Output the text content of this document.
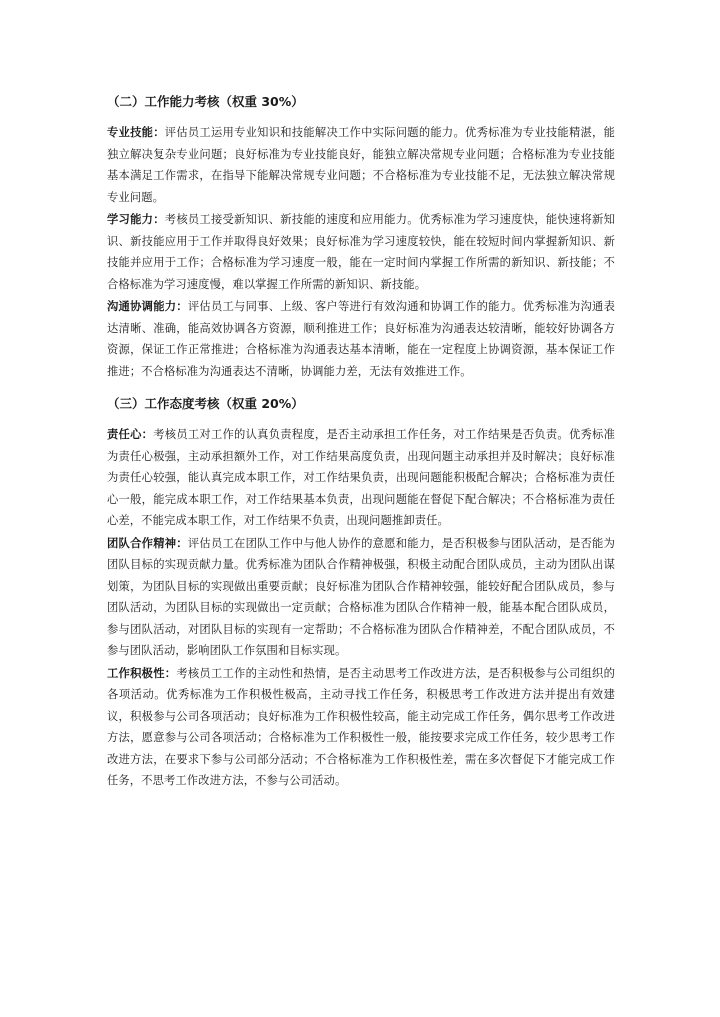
（二）工作能力考核（权重 30%）

专业技能：评估员工运用专业知识和技能解决工作中实际问题的能力。优秀标准为专业技能精湛，能独立解决复杂专业问题；良好标准为专业技能良好，能独立解决常规专业问题；合格标准为专业技能基本满足工作需求，在指导下能解决常规专业问题；不合格标准为专业技能不足，无法独立解决常规专业问题。

学习能力：考核员工接受新知识、新技能的速度和应用能力。优秀标准为学习速度快，能快速将新知识、新技能应用于工作并取得良好效果；良好标准为学习速度较快，能在较短时间内掌握新知识、新技能并应用于工作；合格标准为学习速度一般，能在一定时间内掌握工作所需的新知识、新技能；不合格标准为学习速度慢，难以掌握工作所需的新知识、新技能。

沟通协调能力：评估员工与同事、上级、客户等进行有效沟通和协调工作的能力。优秀标准为沟通表达清晰、准确，能高效协调各方资源，顺利推进工作；良好标准为沟通表达较清晰，能较好协调各方资源，保证工作正常推进；合格标准为沟通表达基本清晰，能在一定程度上协调资源，基本保证工作推进；不合格标准为沟通表达不清晰，协调能力差，无法有效推进工作。

（三）工作态度考核（权重 20%）

责任心：考核员工对工作的认真负责程度，是否主动承担工作任务，对工作结果是否负责。优秀标准为责任心极强，主动承担额外工作，对工作结果高度负责，出现问题主动承担并及时解决；良好标准为责任心较强，能认真完成本职工作，对工作结果负责，出现问题能积极配合解决；合格标准为责任心一般，能完成本职工作，对工作结果基本负责，出现问题能在督促下配合解决；不合格标准为责任心差，不能完成本职工作，对工作结果不负责，出现问题推卸责任。

团队合作精神：评估员工在团队工作中与他人协作的意愿和能力，是否积极参与团队活动，是否能为团队目标的实现贡献力量。优秀标准为团队合作精神极强，积极主动配合团队成员，主动为团队出谋划策，为团队目标的实现做出重要贡献；良好标准为团队合作精神较强，能较好配合团队成员，参与团队活动，为团队目标的实现做出一定贡献；合格标准为团队合作精神一般，能基本配合团队成员，参与团队活动，对团队目标的实现有一定帮助；不合格标准为团队合作精神差，不配合团队成员，不参与团队活动，影响团队工作氛围和目标实现。

工作积极性：考核员工工作的主动性和热情，是否主动思考工作改进方法，是否积极参与公司组织的各项活动。优秀标准为工作积极性极高，主动寻找工作任务，积极思考工作改进方法并提出有效建议，积极参与公司各项活动；良好标准为工作积极性较高，能主动完成工作任务，偶尔思考工作改进方法，愿意参与公司各项活动；合格标准为工作积极性一般，能按要求完成工作任务，较少思考工作改进方法，在要求下参与公司部分活动；不合格标准为工作积极性差，需在多次督促下才能完成工作任务，不思考工作改进方法，不参与公司活动。
